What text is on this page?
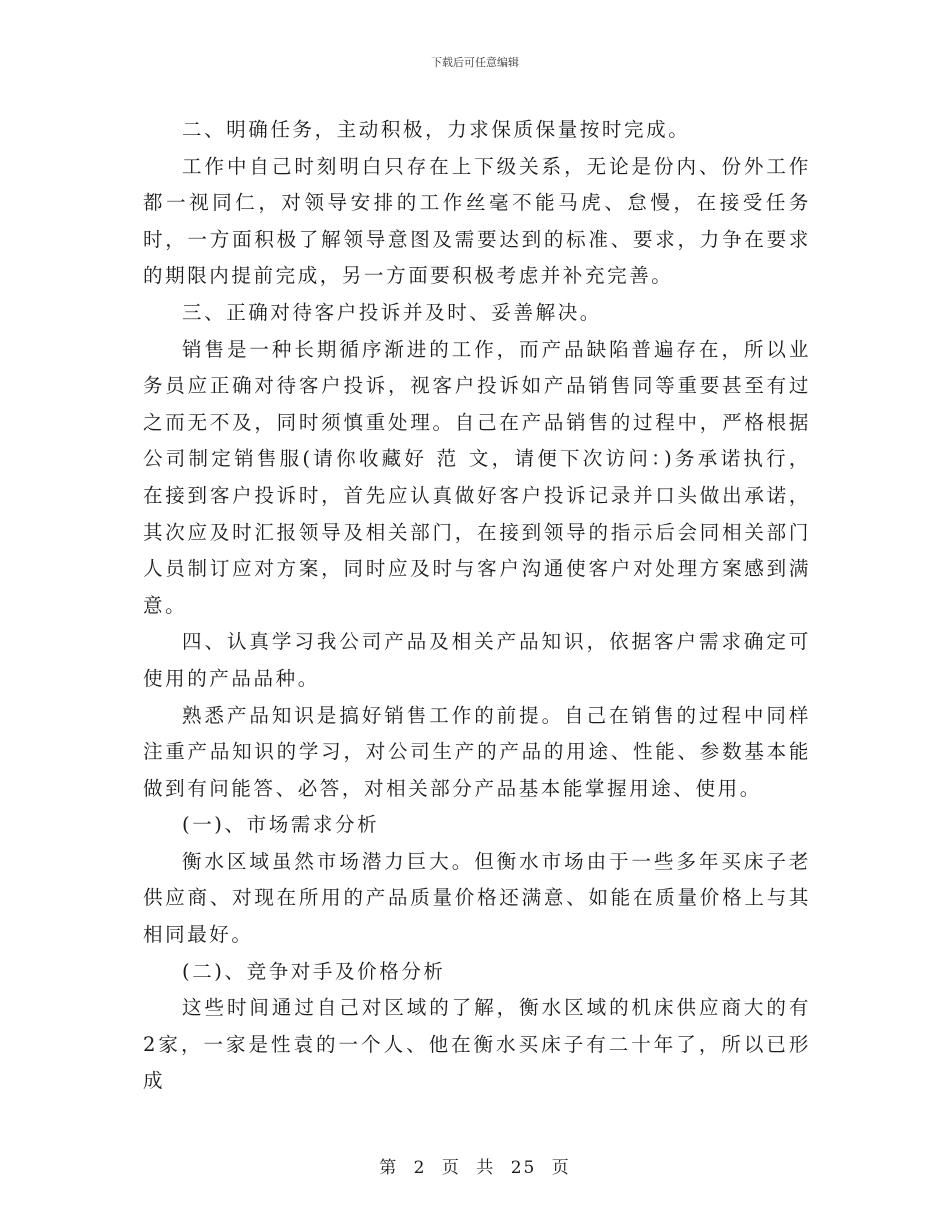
下载后可任意编辑

二、明确任务，主动积极，力求保质保量按时完成。

工作中自己时刻明白只存在上下级关系，无论是份内、份外工作都一视同仁，对领导安排的工作丝毫不能马虎、怠慢，在接受任务时，一方面积极了解领导意图及需要达到的标准、要求，力争在要求的期限内提前完成，另一方面要积极考虑并补充完善。

三、正确对待客户投诉并及时、妥善解决。

销售是一种长期循序渐进的工作，而产品缺陷普遍存在，所以业务员应正确对待客户投诉，视客户投诉如产品销售同等重要甚至有过之而无不及，同时须慎重处理。自己在产品销售的过程中，严格根据公司制定销售服(请你收藏好 范 文，请便下次访问：)务承诺执行，在接到客户投诉时，首先应认真做好客户投诉记录并口头做出承诺，其次应及时汇报领导及相关部门，在接到领导的指示后会同相关部门人员制订应对方案，同时应及时与客户沟通使客户对处理方案感到满意。

四、认真学习我公司产品及相关产品知识，依据客户需求确定可使用的产品品种。

熟悉产品知识是搞好销售工作的前提。自己在销售的过程中同样注重产品知识的学习，对公司生产的产品的用途、性能、参数基本能做到有问能答、必答，对相关部分产品基本能掌握用途、使用。

(一)、市场需求分析

衡水区域虽然市场潜力巨大。但衡水市场由于一些多年买床子老供应商、对现在所用的产品质量价格还满意、如能在质量价格上与其相同最好。

(二)、竞争对手及价格分析

这些时间通过自己对区域的了解，衡水区域的机床供应商大的有2家，一家是性袁的一个人、他在衡水买床子有二十年了，所以已形成

第 2 页 共 25 页
